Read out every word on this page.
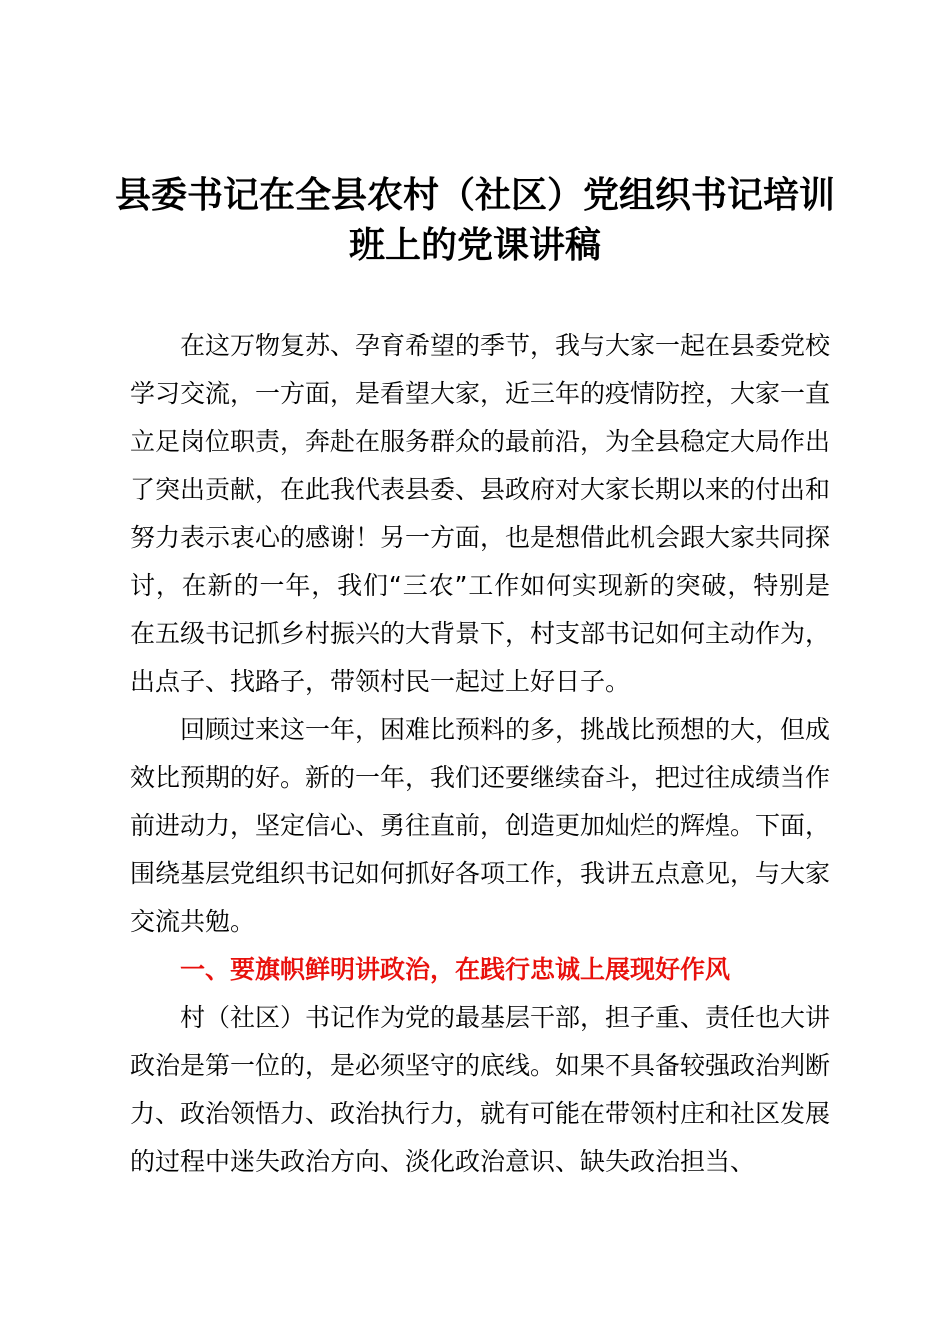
县委书记在全县农村（社区）党组织书记培训
班上的党课讲稿

在这万物复苏、孕育希望的季节，我与大家一起在县委党校学习交流，一方面，是看望大家，近三年的疫情防控，大家一直立足岗位职责，奔赴在服务群众的最前沿，为全县稳定大局作出了突出贡献，在此我代表县委、县政府对大家长期以来的付出和努力表示衷心的感谢！另一方面，也是想借此机会跟大家共同探讨，在新的一年，我们“三农”工作如何实现新的突破，特别是在五级书记抓乡村振兴的大背景下，村支部书记如何主动作为，出点子、找路子，带领村民一起过上好日子。

回顾过来这一年，困难比预料的多，挑战比预想的大，但成效比预期的好。新的一年，我们还要继续奋斗，把过往成绩当作前进动力，坚定信心、勇往直前，创造更加灿烂的辉煌。下面，围绕基层党组织书记如何抓好各项工作，我讲五点意见，与大家交流共勉。

一、要旗帜鲜明讲政治，在践行忠诚上展现好作风

村（社区）书记作为党的最基层干部，担子重、责任也大讲政治是第一位的，是必须坚守的底线。如果不具备较强政治判断力、政治领悟力、政治执行力，就有可能在带领村庄和社区发展的过程中迷失政治方向、淡化政治意识、缺失政治担当、
